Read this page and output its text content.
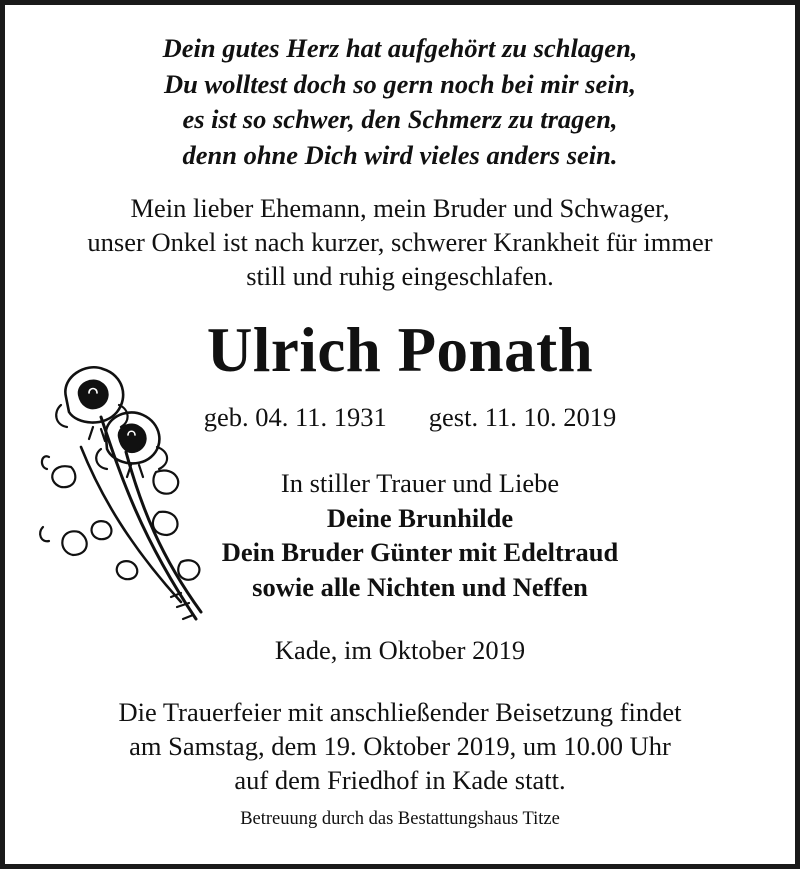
Dein gutes Herz hat aufgehört zu schlagen,
Du wolltest doch so gern noch bei mir sein,
es ist so schwer, den Schmerz zu tragen,
denn ohne Dich wird vieles anders sein.
Mein lieber Ehemann, mein Bruder und Schwager,
unser Onkel ist nach kurzer, schwerer Krankheit für immer
still und ruhig eingeschlafen.
Ulrich Ponath
geb. 04. 11. 1931 gest. 11. 10. 2019
In stiller Trauer und Liebe
Deine Brunhilde
Dein Bruder Günter mit Edeltraud
sowie alle Nichten und Neffen
Kade, im Oktober 2019
Die Trauerfeier mit anschließender Beisetzung findet
am Samstag, dem 19. Oktober 2019, um 10.00 Uhr
auf dem Friedhof in Kade statt.
Betreuung durch das Bestattungshaus Titze
